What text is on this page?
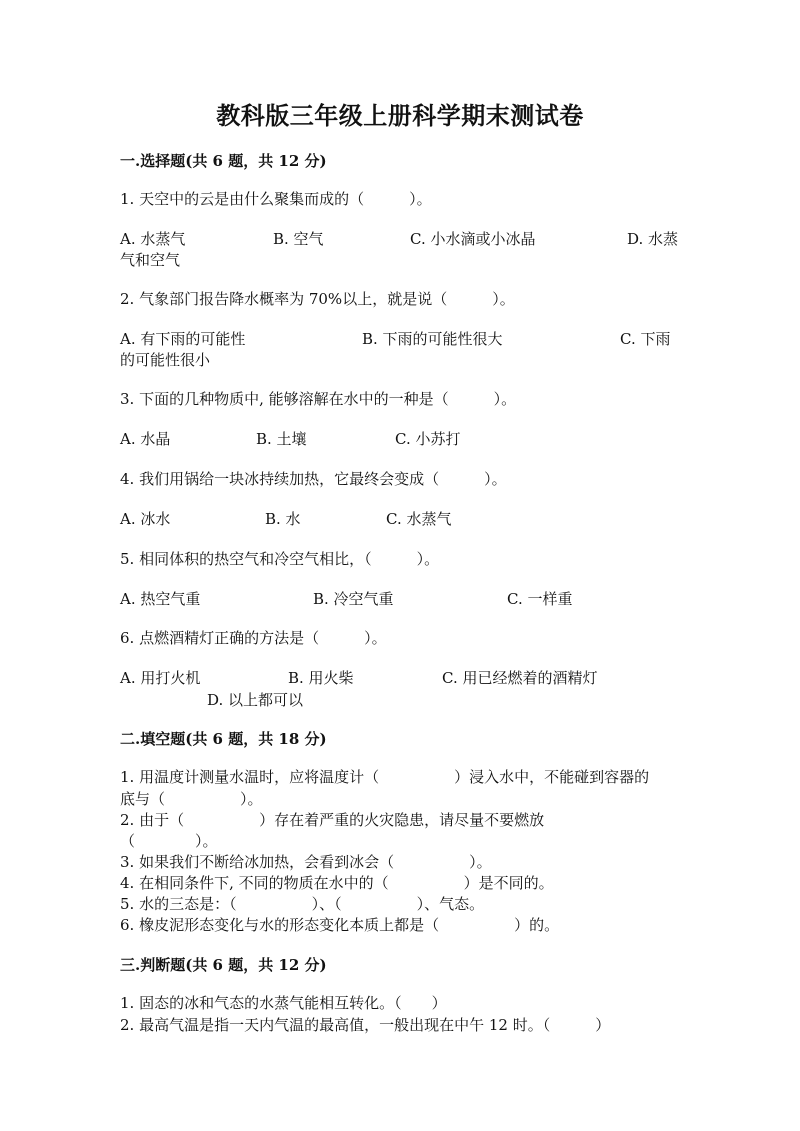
教科版三年级上册科学期末测试卷
一.选择题(共 6 题，共 12 分)
1. 天空中的云是由什么聚集而成的（　　　）。
A. 水蒸气	B. 空气	C. 小水滴或小冰晶	D. 水蒸
气和空气
2. 气象部门报告降水概率为 70%以上，就是说（　　　）。
A. 有下雨的可能性	B. 下雨的可能性很大	C. 下雨
的可能性很小
3. 下面的几种物质中, 能够溶解在水中的一种是（　　　）。
A. 水晶	B. 土壤	C. 小苏打
4. 我们用锅给一块冰持续加热，它最终会变成（　　　）。
A. 冰水	B. 水	C. 水蒸气
5. 相同体积的热空气和冷空气相比，（　　　）。
A. 热空气重	B. 冷空气重	C. 一样重
6. 点燃酒精灯正确的方法是（　　　）。
A. 用打火机	B. 用火柴	C. 用已经燃着的酒精灯
D. 以上都可以
二.填空题(共 6 题，共 18 分)
1. 用温度计测量水温时，应将温度计（　　　　　）浸入水中，不能碰到容器的
底与（　　　　　）。
2. 由于（　　　　　）存在着严重的火灾隐患，请尽量不要燃放
（　　　　）。
3. 如果我们不断给冰加热，会看到冰会（　　　　　）。
4. 在相同条件下, 不同的物质在水中的（　　　　　）是不同的。
5. 水的三态是：（　　　　　）、（　　　　　）、气态。
6. 橡皮泥形态变化与水的形态变化本质上都是（　　　　　）的。
三.判断题(共 6 题，共 12 分)
1. 固态的冰和气态的水蒸气能相互转化。（　　）
2. 最高气温是指一天内气温的最高值，一般出现在中午 12 时。（　　　）
